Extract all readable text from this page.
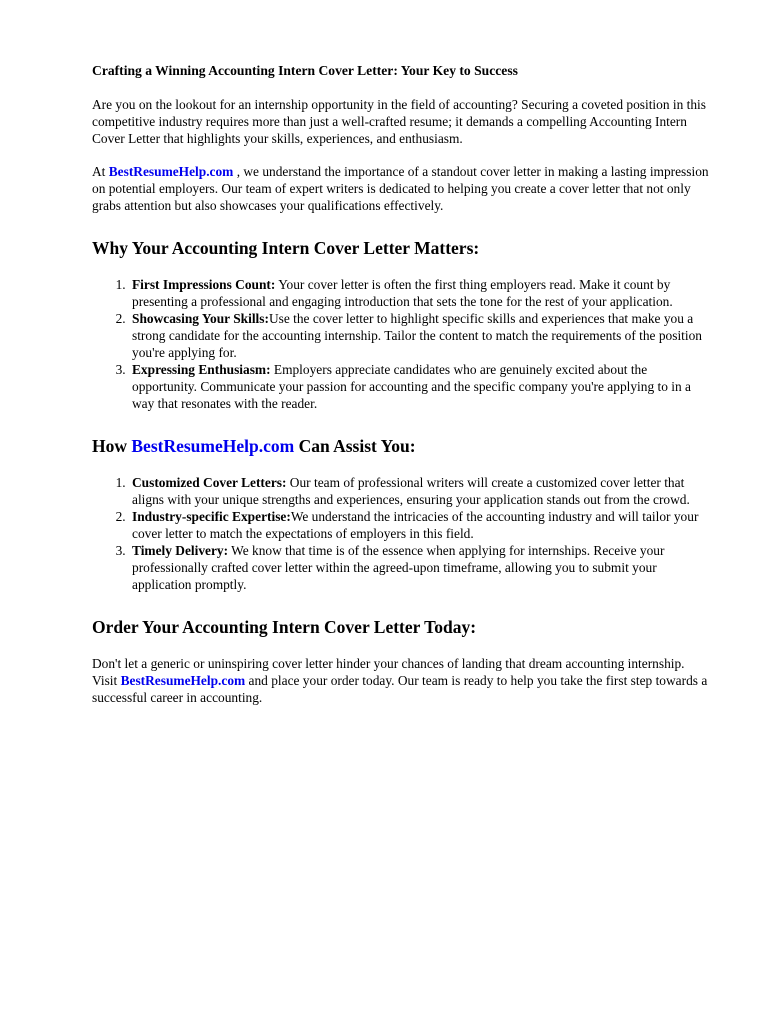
Crafting a Winning Accounting Intern Cover Letter: Your Key to Success

Are you on the lookout for an internship opportunity in the field of accounting? Securing a coveted position in this competitive industry requires more than just a well-crafted resume; it demands a compelling Accounting Intern Cover Letter that highlights your skills, experiences, and enthusiasm.

At BestResumeHelp.com , we understand the importance of a standout cover letter in making a lasting impression on potential employers. Our team of expert writers is dedicated to helping you create a cover letter that not only grabs attention but also showcases your qualifications effectively.

Why Your Accounting Intern Cover Letter Matters:
1. First Impressions Count: Your cover letter is often the first thing employers read. Make it count by presenting a professional and engaging introduction that sets the tone for the rest of your application.
2. Showcasing Your Skills:Use the cover letter to highlight specific skills and experiences that make you a strong candidate for the accounting internship. Tailor the content to match the requirements of the position you're applying for.
3. Expressing Enthusiasm: Employers appreciate candidates who are genuinely excited about the opportunity. Communicate your passion for accounting and the specific company you're applying to in a way that resonates with the reader.
How BestResumeHelp.com Can Assist You:
1. Customized Cover Letters: Our team of professional writers will create a customized cover letter that aligns with your unique strengths and experiences, ensuring your application stands out from the crowd.
2. Industry-specific Expertise:We understand the intricacies of the accounting industry and will tailor your cover letter to match the expectations of employers in this field.
3. Timely Delivery: We know that time is of the essence when applying for internships. Receive your professionally crafted cover letter within the agreed-upon timeframe, allowing you to submit your application promptly.
Order Your Accounting Intern Cover Letter Today:

Don't let a generic or uninspiring cover letter hinder your chances of landing that dream accounting internship. Visit BestResumeHelp.com and place your order today. Our team is ready to help you take the first step towards a successful career in accounting.
